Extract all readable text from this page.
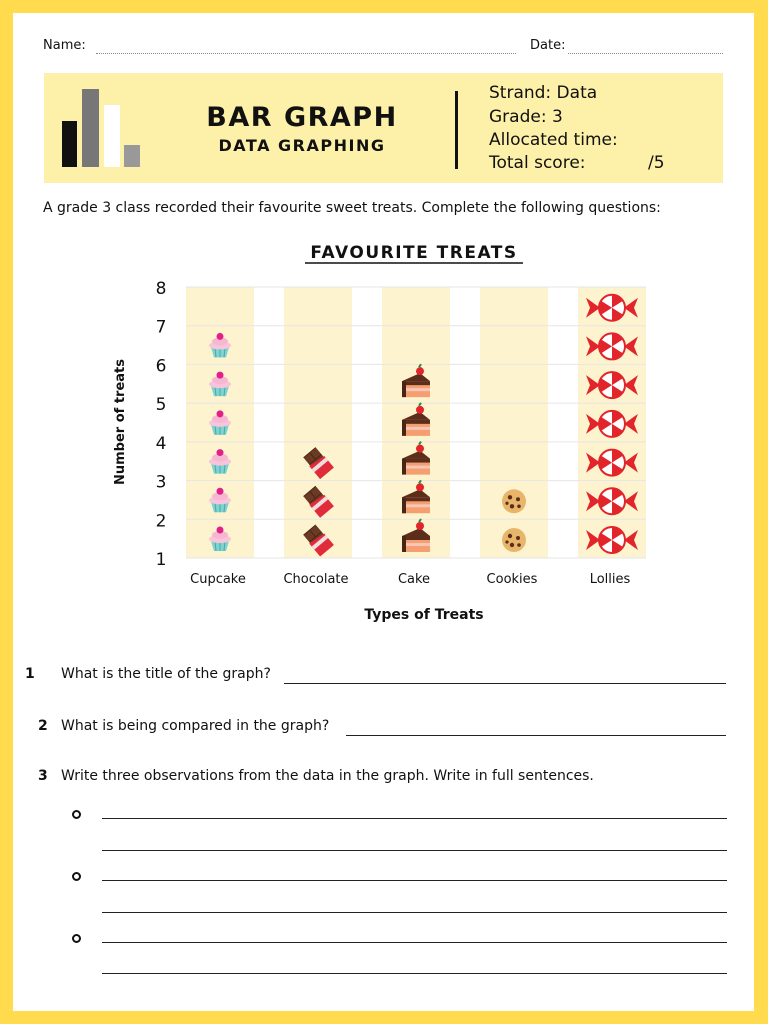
Name:	Date:
BAR GRAPH
DATA GRAPHING
Strand: Data
Grade: 3
Allocated time:
Total score:	/5
A grade 3 class recorded their favourite sweet treats. Complete the following questions:
1
2
3
4
5
6
7
8
FAVOURITE TREATS
Number of treats
Types of Treats
Cupcake	Chocolate	Cake	Cookies	Lollies
1 What is the title of the graph?
2 What is being compared in the graph?
3 Write three observations from the data in the graph. Write in full sentences.
